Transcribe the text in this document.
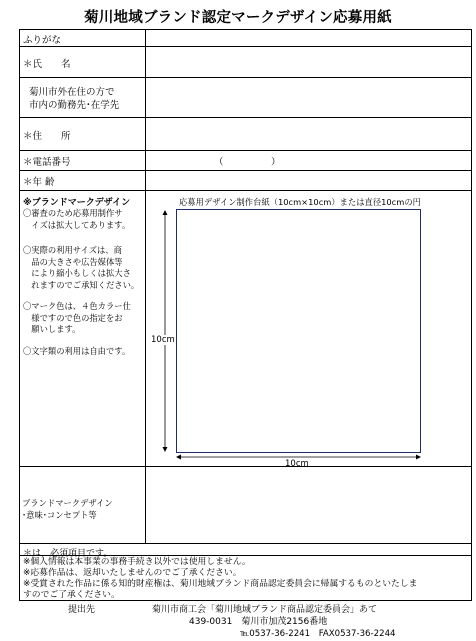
菊川地域ブランド認定マークデザイン応募用紙
ふりがな
＊氏　　名
菊川市外在住の方で
市内の勤務先･在学先
＊住　　所
＊電話番号	（　　　　　）
＊年 齢
※ブランドマークデザイン
〇審査のため応募用制作サ
　イズは拡大してあります。
〇実際の利用サイズは、商
　品の大きさや広告媒体等
　により縮小もしくは拡大さ
　れますのでご承知ください。
〇マーク色は、４色カラー仕
　様ですので色の指定をお
　願いします。
〇文字類の利用は自由です。
応募用デザイン制作台紙（10cm×10cm）または直径10cmの円
10cm
10cm
ブランドマークデザイン
･意味･コンセプト等
＊は，必須項目です。
※個人情報は本事業の事務手続き以外では使用しません。
※応募作品は、返却いたしませんのでご了承ください。
※受賞された作品に係る知的財産権は、菊川地域ブランド商品認定委員会に帰属するものといたしま
すのでご了承ください。
提出先	菊川市商工会「菊川地域ブランド商品認定委員会」あて
439-0031　菊川市加茂2156番地
℡0537-36-2241　FAX0537-36-2244
